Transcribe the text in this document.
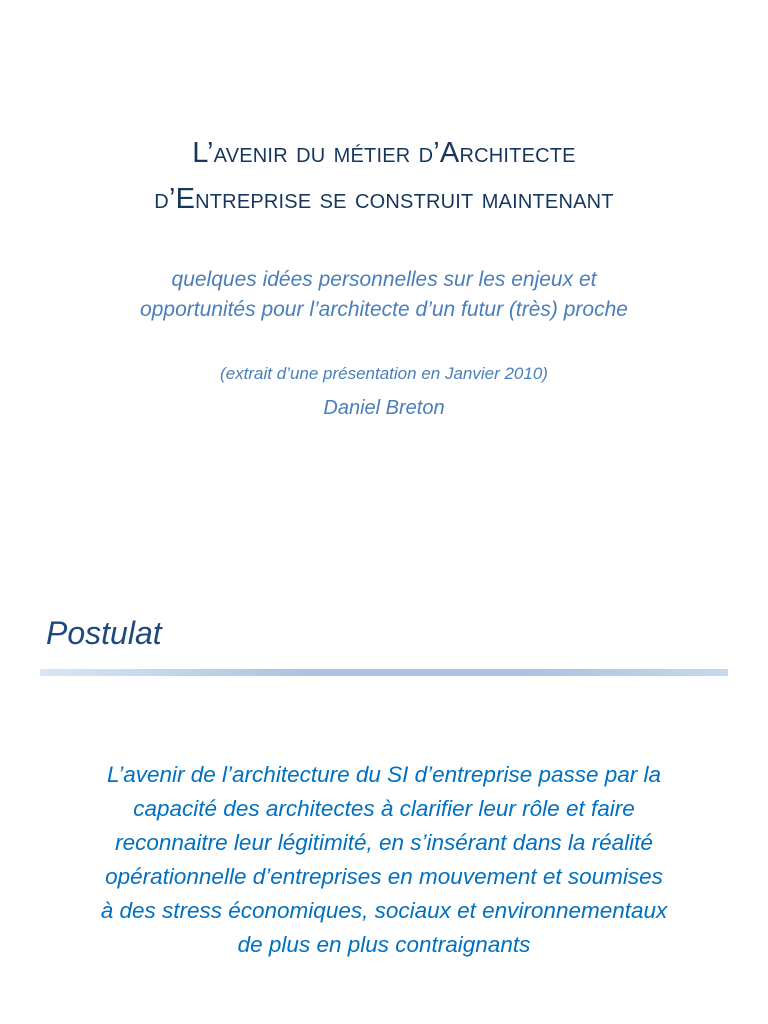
L’avenir du métier d’Architecte
d’Entreprise se construit maintenant
quelques idées personnelles sur les enjeux et
opportunités pour l’architecte d’un futur (très) proche
(extrait d’une présentation en Janvier 2010)
Daniel Breton
Postulat
L’avenir de l’architecture du SI d’entreprise passe par la
capacité des architectes à clarifier leur rôle et faire
reconnaitre leur légitimité, en s’insérant dans la réalité
opérationnelle d’entreprises en mouvement et soumises
à des stress économiques, sociaux et environnementaux
de plus en plus contraignants
